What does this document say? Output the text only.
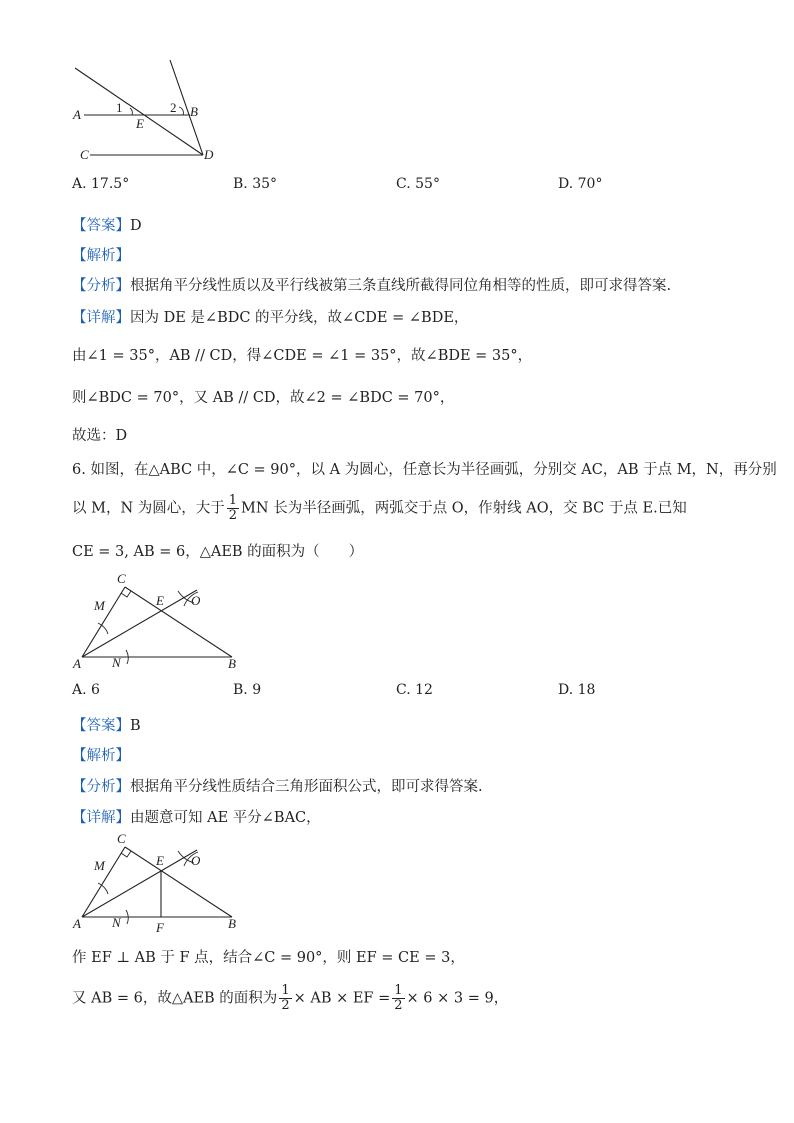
A	1
E
2 B
C	D
A. 17.5°	B. 35°	C. 55°	D. 70°
【答案】D
【解析】
【分析】根据角平分线性质以及平行线被第三条直线所截得同位角相等的性质，即可求得答案.
【详解】因为 DE 是∠BDC 的平分线，故∠CDE = ∠BDE，
由∠1 = 35°，AB // CD，得∠CDE = ∠1 = 35°，故∠BDE = 35°，
则∠BDC = 70°，又 AB // CD，故∠2 = ∠BDC = 70°，
故选：D
6. 如图，在△ABC 中，∠C = 90°，以 A 为圆心，任意长为半径画弧，分别交 AC，AB 于点 M，N，再分别
以 M，N 为圆心，大于 $\frac{1}{2}$ MN 长为半径画弧，两弧交于点 O，作射线 AO，交 BC 于点 E.已知
CE = 3, AB = 6，△AEB 的面积为（　　）
C
M	E O
A N	B
A. 6	B. 9	C. 12	D. 18
【答案】B
【解析】
【分析】根据角平分线性质结合三角形面积公式，即可求得答案.
【详解】由题意可知 AE 平分∠BAC，
C
M	E O
A N	F	B
作 EF ⊥ AB 于 F 点，结合∠C = 90°，则 EF = CE = 3，
又 AB = 6，故△AEB 的面积为 $\frac{1}{2}$ × AB × EF = $\frac{1}{2} \times 6 \times 3 = 9$，
